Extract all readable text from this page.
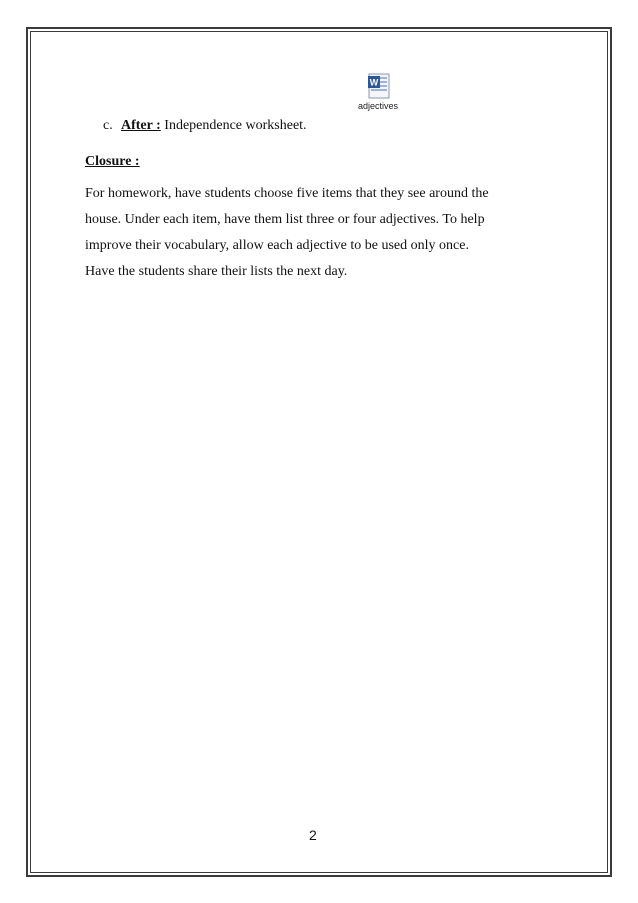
W
adjectives
c. After : Independence worksheet.
Closure :
For homework, have students choose five items that they see around the
house. Under each item, have them list three or four adjectives. To help
improve their vocabulary, allow each adjective to be used only once.
Have the students share their lists the next day.
2
